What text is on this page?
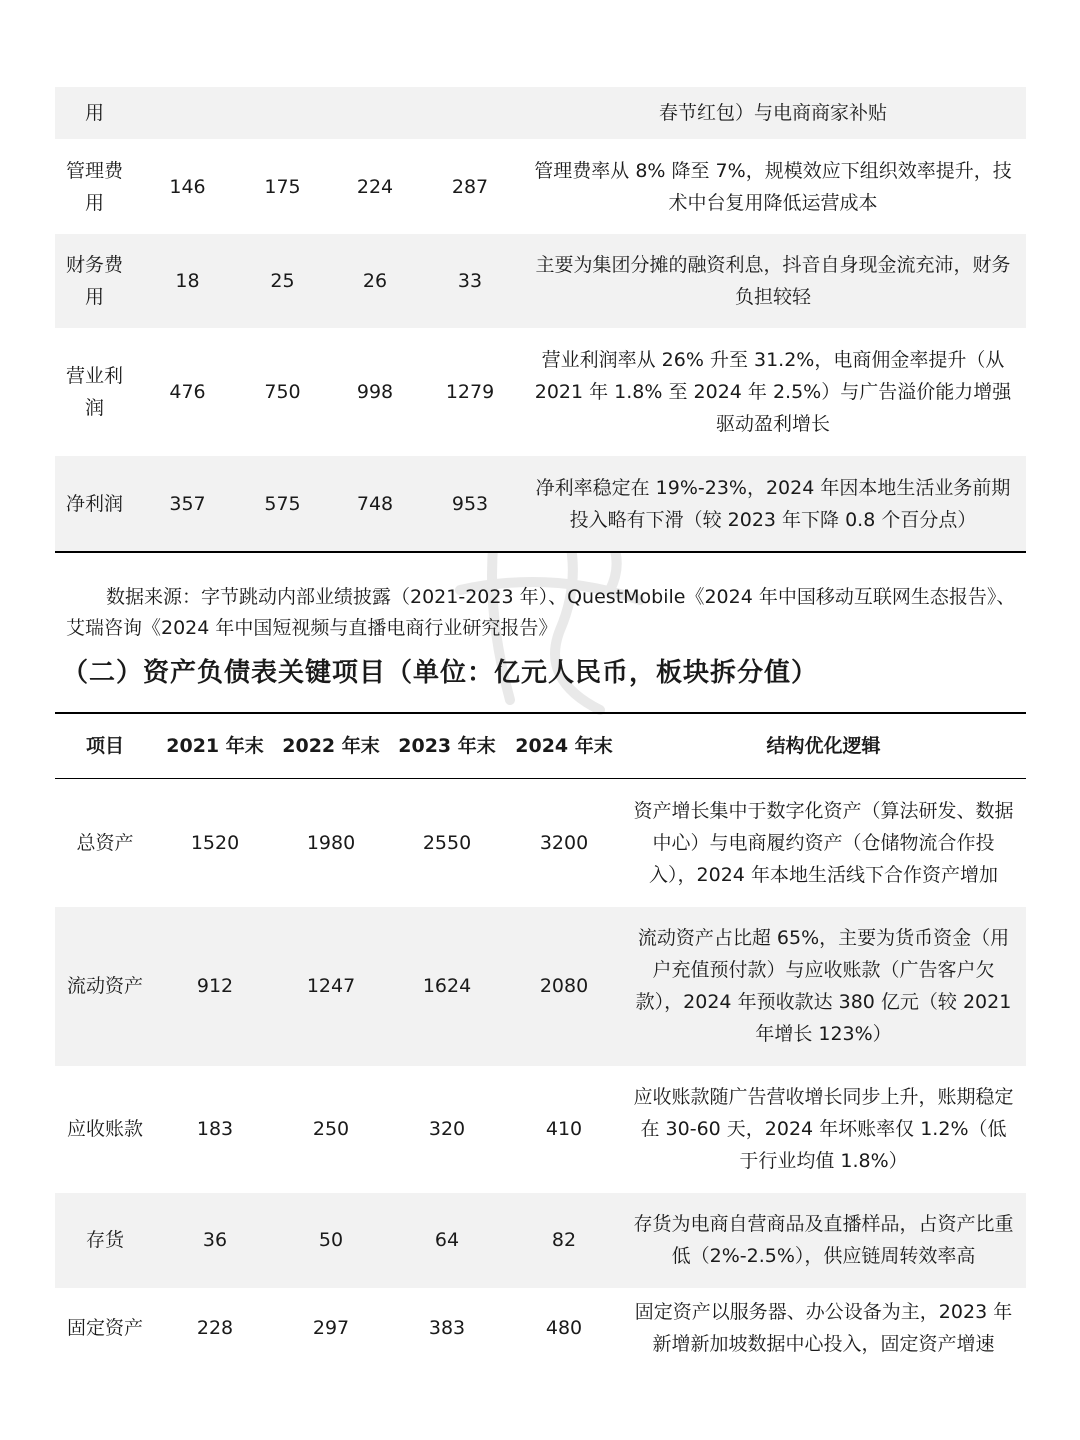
用					春节红包）与电商商家补贴
管理费用	146	175	224	287	管理费率从 8% 降至 7%，规模效应下组织效率提升，技术中台复用降低运营成本
财务费用	18	25	26	33	主要为集团分摊的融资利息，抖音自身现金流充沛，财务负担较轻
营业利润	476	750	998	1279	营业利润率从 26% 升至 31.2%，电商佣金率提升（从 2021 年 1.8% 至 2024 年 2.5%）与广告溢价能力增强驱动盈利增长
净利润	357	575	748	953	净利率稳定在 19%-23%，2024 年因本地生活业务前期投入略有下滑（较 2023 年下降 0.8 个百分点）

数据来源：字节跳动内部业绩披露（2021-2023 年）、QuestMobile《2024 年中国移动互联网生态报告》、艾瑞咨询《2024 年中国短视频与直播电商行业研究报告》

（二）资产负债表关键项目（单位：亿元人民币，板块拆分值）
项目	2021 年末	2022 年末	2023 年末	2024 年末	结构优化逻辑
总资产	1520	1980	2550	3200	资产增长集中于数字化资产（算法研发、数据中心）与电商履约资产（仓储物流合作投入），2024 年本地生活线下合作资产增加
流动资产	912	1247	1624	2080	流动资产占比超 65%，主要为货币资金（用户充值预付款）与应收账款（广告客户欠款），2024 年预收款达 380 亿元（较 2021 年增长 123%）
应收账款	183	250	320	410	应收账款随广告营收增长同步上升，账期稳定在 30-60 天，2024 年坏账率仅 1.2%（低于行业均值 1.8%）
存货	36	50	64	82	存货为电商自营商品及直播样品，占资产比重低（2%-2.5%），供应链周转效率高
固定资产	228	297	383	480	固定资产以服务器、办公设备为主，2023 年新增新加坡数据中心投入，固定资产增速
